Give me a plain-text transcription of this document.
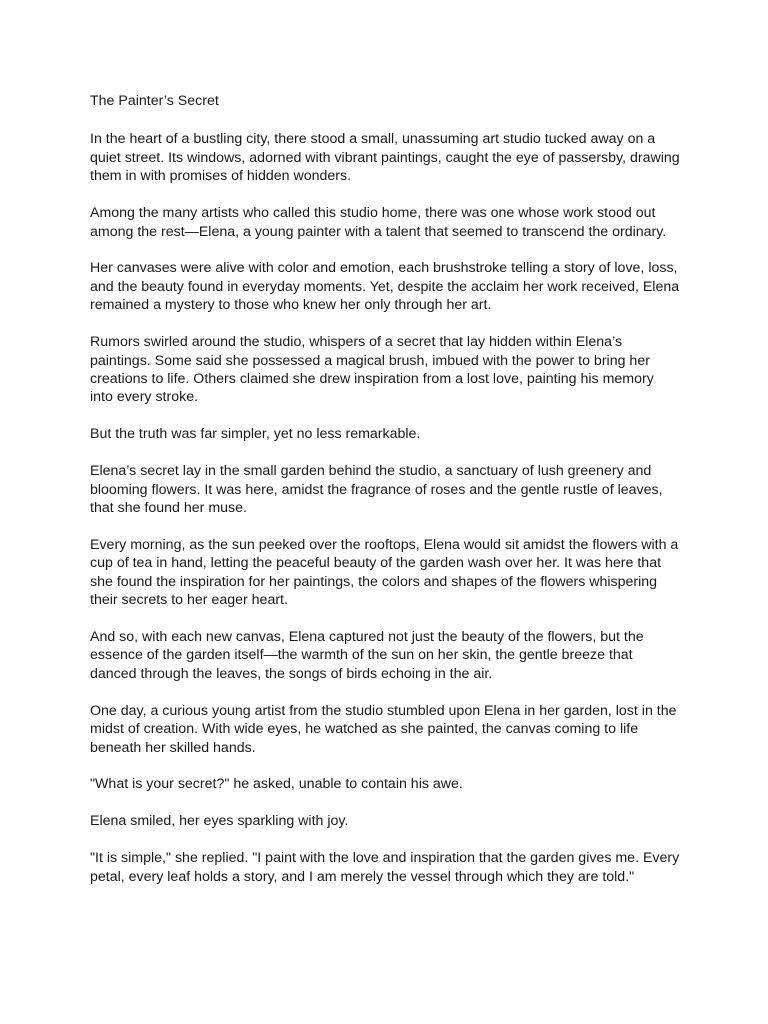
The Painter’s Secret

In the heart of a bustling city, there stood a small, unassuming art studio tucked away on a quiet street. Its windows, adorned with vibrant paintings, caught the eye of passersby, drawing them in with promises of hidden wonders.

Among the many artists who called this studio home, there was one whose work stood out among the rest—Elena, a young painter with a talent that seemed to transcend the ordinary.

Her canvases were alive with color and emotion, each brushstroke telling a story of love, loss, and the beauty found in everyday moments. Yet, despite the acclaim her work received, Elena remained a mystery to those who knew her only through her art.

Rumors swirled around the studio, whispers of a secret that lay hidden within Elena’s paintings. Some said she possessed a magical brush, imbued with the power to bring her creations to life. Others claimed she drew inspiration from a lost love, painting his memory into every stroke.

But the truth was far simpler, yet no less remarkable.

Elena’s secret lay in the small garden behind the studio, a sanctuary of lush greenery and blooming flowers. It was here, amidst the fragrance of roses and the gentle rustle of leaves, that she found her muse.

Every morning, as the sun peeked over the rooftops, Elena would sit amidst the flowers with a cup of tea in hand, letting the peaceful beauty of the garden wash over her. It was here that she found the inspiration for her paintings, the colors and shapes of the flowers whispering their secrets to her eager heart.

And so, with each new canvas, Elena captured not just the beauty of the flowers, but the essence of the garden itself—the warmth of the sun on her skin, the gentle breeze that danced through the leaves, the songs of birds echoing in the air.

One day, a curious young artist from the studio stumbled upon Elena in her garden, lost in the midst of creation. With wide eyes, he watched as she painted, the canvas coming to life beneath her skilled hands.

"What is your secret?" he asked, unable to contain his awe.

Elena smiled, her eyes sparkling with joy.

"It is simple," she replied. "I paint with the love and inspiration that the garden gives me. Every petal, every leaf holds a story, and I am merely the vessel through which they are told."
